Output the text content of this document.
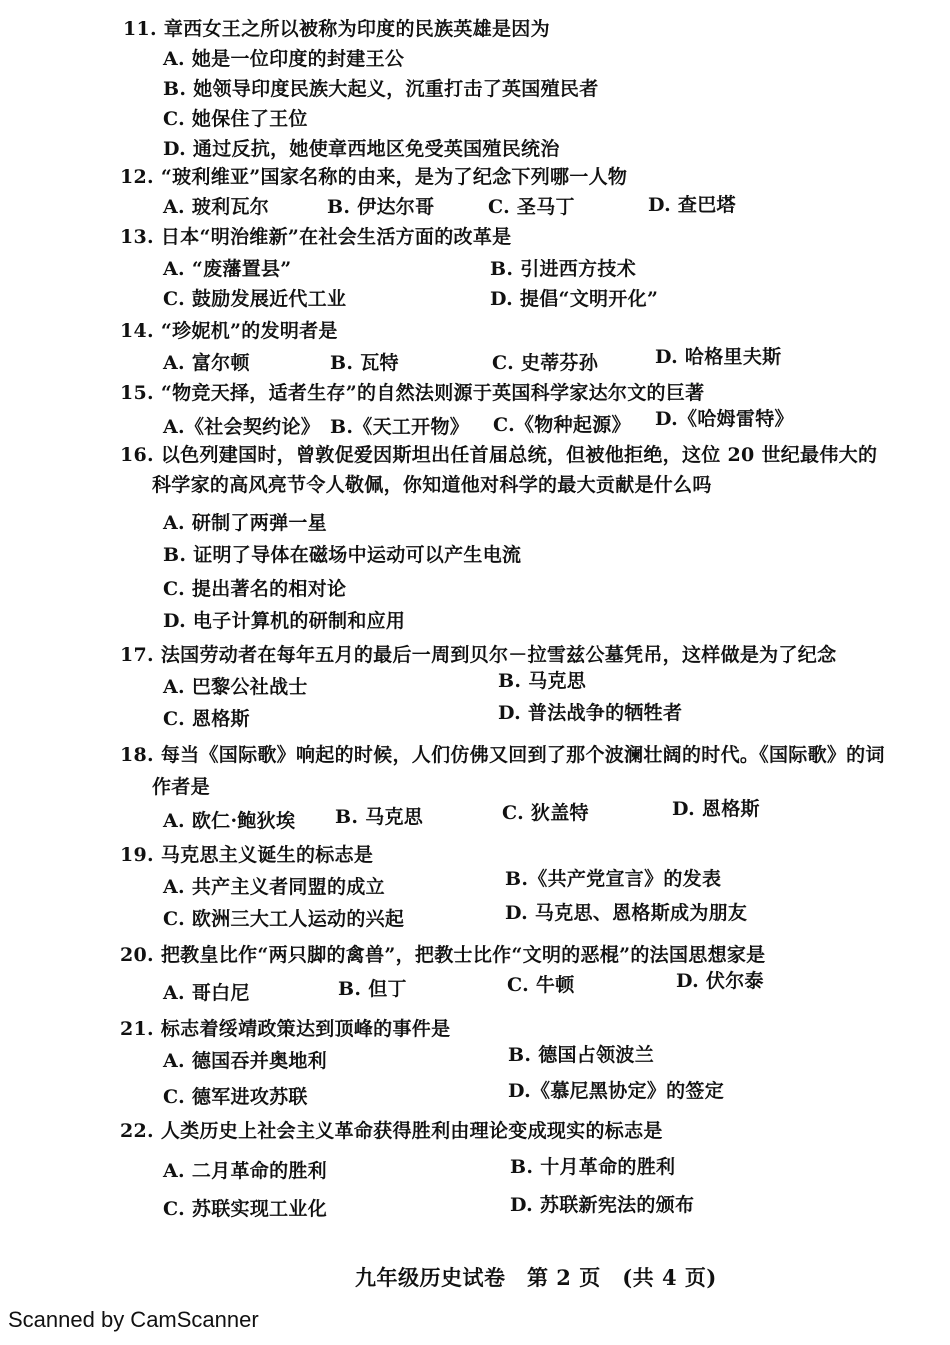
11. 章西女王之所以被称为印度的民族英雄是因为
A. 她是一位印度的封建王公
B. 她领导印度民族大起义，沉重打击了英国殖民者
C. 她保住了王位
D. 通过反抗，她使章西地区免受英国殖民统治
12. “玻利维亚”国家名称的由来，是为了纪念下列哪一人物
A. 玻利瓦尔	B. 伊达尔哥	C. 圣马丁	D. 查巴塔
13. 日本“明治维新”在社会生活方面的改革是
A. “废藩置县”	B. 引进西方技术
C. 鼓励发展近代工业	D. 提倡“文明开化”
14. “珍妮机”的发明者是
A. 富尔顿	B. 瓦特	C. 史蒂芬孙	D. 哈格里夫斯
15. “物竞天择，适者生存”的自然法则源于英国科学家达尔文的巨著
A.《社会契约论》 B.《天工开物》 C.《物种起源》 D.《哈姆雷特》
16. 以色列建国时，曾敦促爱因斯坦出任首届总统，但被他拒绝，这位 20 世纪最伟大的
科学家的高风亮节令人敬佩，你知道他对科学的最大贡献是什么吗
A. 研制了两弹一星
B. 证明了导体在磁场中运动可以产生电流
C. 提出著名的相对论
D. 电子计算机的研制和应用
17. 法国劳动者在每年五月的最后一周到贝尔－拉雪兹公墓凭吊，这样做是为了纪念
A. 巴黎公社战士	B. 马克思
C. 恩格斯	D. 普法战争的牺牲者
18. 每当《国际歌》响起的时候，人们仿佛又回到了那个波澜壮阔的时代。《国际歌》的词
作者是
A. 欧仁·鲍狄埃 B. 马克思	C. 狄盖特	D. 恩格斯
19. 马克思主义诞生的标志是
A. 共产主义者同盟的成立	B.《共产党宣言》的发表
C. 欧洲三大工人运动的兴起	D. 马克思、恩格斯成为朋友
20. 把教皇比作“两只脚的禽兽”，把教士比作“文明的恶棍”的法国思想家是
A. 哥白尼	B. 但丁	C. 牛顿	D. 伏尔泰
21. 标志着绥靖政策达到顶峰的事件是
A. 德国吞并奥地利	B. 德国占领波兰
C. 德军进攻苏联	D.《慕尼黑协定》的签定
22. 人类历史上社会主义革命获得胜利由理论变成现实的标志是
A. 二月革命的胜利	B. 十月革命的胜利
C. 苏联实现工业化	D. 苏联新宪法的颁布
九年级历史试卷　第 2 页　(共 4 页)
Scanned by CamScanner
